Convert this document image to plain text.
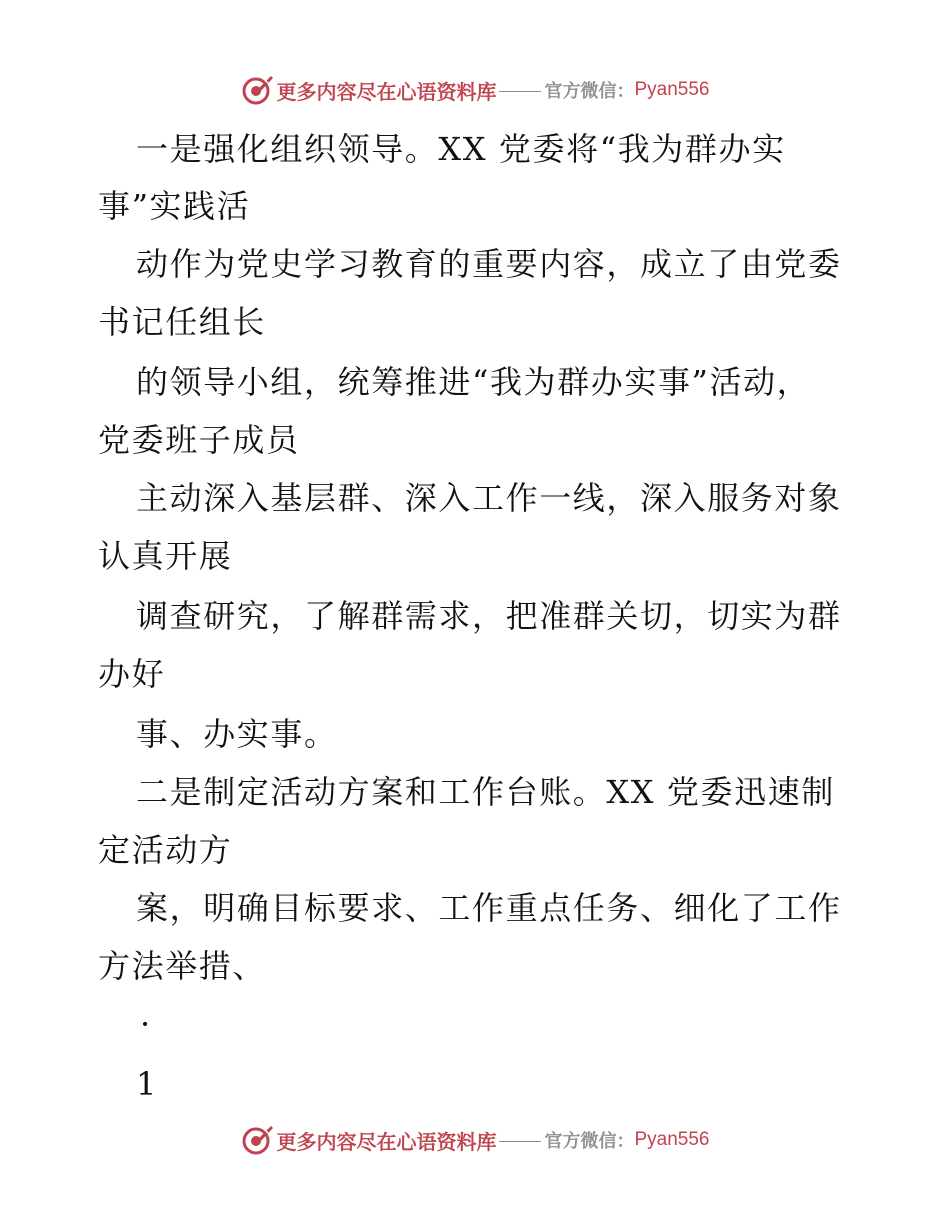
更多内容尽在心语资料库	官方微信： Pyan556
一是强化组织领导。XX 党委将“我为群办实
事”实践活
动作为党史学习教育的重要内容，成立了由党委
书记任组长
的领导小组，统筹推进“我为群办实事”活动，
党委班子成员
主动深入基层群、深入工作一线，深入服务对象
认真开展
调查研究，了解群需求，把准群关切，切实为群
办好
事、办实事。
二是制定活动方案和工作台账。XX 党委迅速制
定活动方
案，明确目标要求、工作重点任务、细化了工作
方法举措、
·
1
更多内容尽在心语资料库	官方微信： Pyan556
